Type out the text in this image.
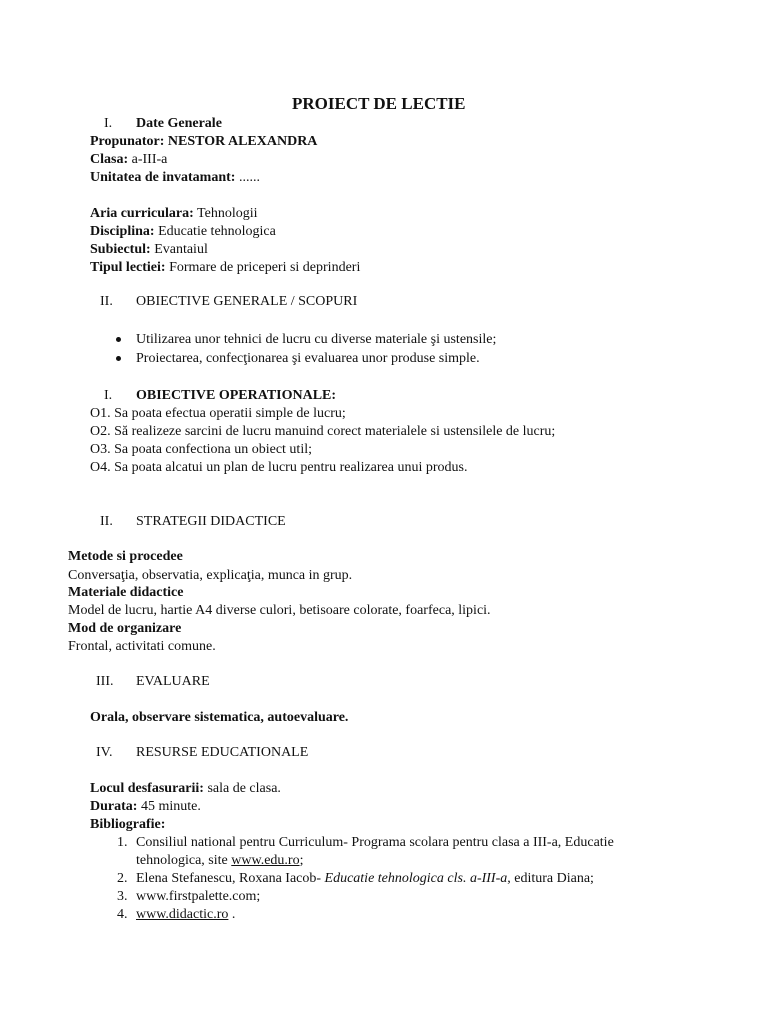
PROIECT DE LECTIE
I. Date Generale
Propunator: NESTOR ALEXANDRA
Clasa: a-III-a
Unitatea de invatamant: ......
Aria curriculara: Tehnologii
Disciplina: Educatie tehnologica
Subiectul: Evantaiul
Tipul lectiei: Formare de priceperi si deprinderi
II. OBIECTIVE GENERALE / SCOPURI
Utilizarea unor tehnici de lucru cu diverse materiale şi ustensile;
Proiectarea, confecţionarea şi evaluarea unor produse simple.
I. OBIECTIVE OPERATIONALE:
O1. Sa poata efectua operatii simple de lucru;
O2. Să realizeze sarcini de lucru manuind corect materialele si ustensilele de lucru;
O3. Sa poata confectiona un obiect util;
O4. Sa poata alcatui un plan de lucru pentru realizarea unui produs.
II. STRATEGII DIDACTICE
Metode si procedee
Conversaţia, observatia, explicaţia, munca in grup.
Materiale didactice
Model de lucru, hartie A4 diverse culori, betisoare colorate, foarfeca, lipici.
Mod de organizare
Frontal, activitati comune.
III. EVALUARE
Orala, observare sistematica, autoevaluare.
IV. RESURSE EDUCATIONALE
Locul desfasurarii: sala de clasa.
Durata: 45 minute.
Bibliografie:
1. Consiliul national pentru Curriculum- Programa scolara pentru clasa a III-a, Educatie
tehnologica, site www.edu.ro;
2. Elena Stefanescu, Roxana Iacob- Educatie tehnologica cls. a-III-a, editura Diana;
3. www.firstpalette.com;
4. www.didactic.ro .
